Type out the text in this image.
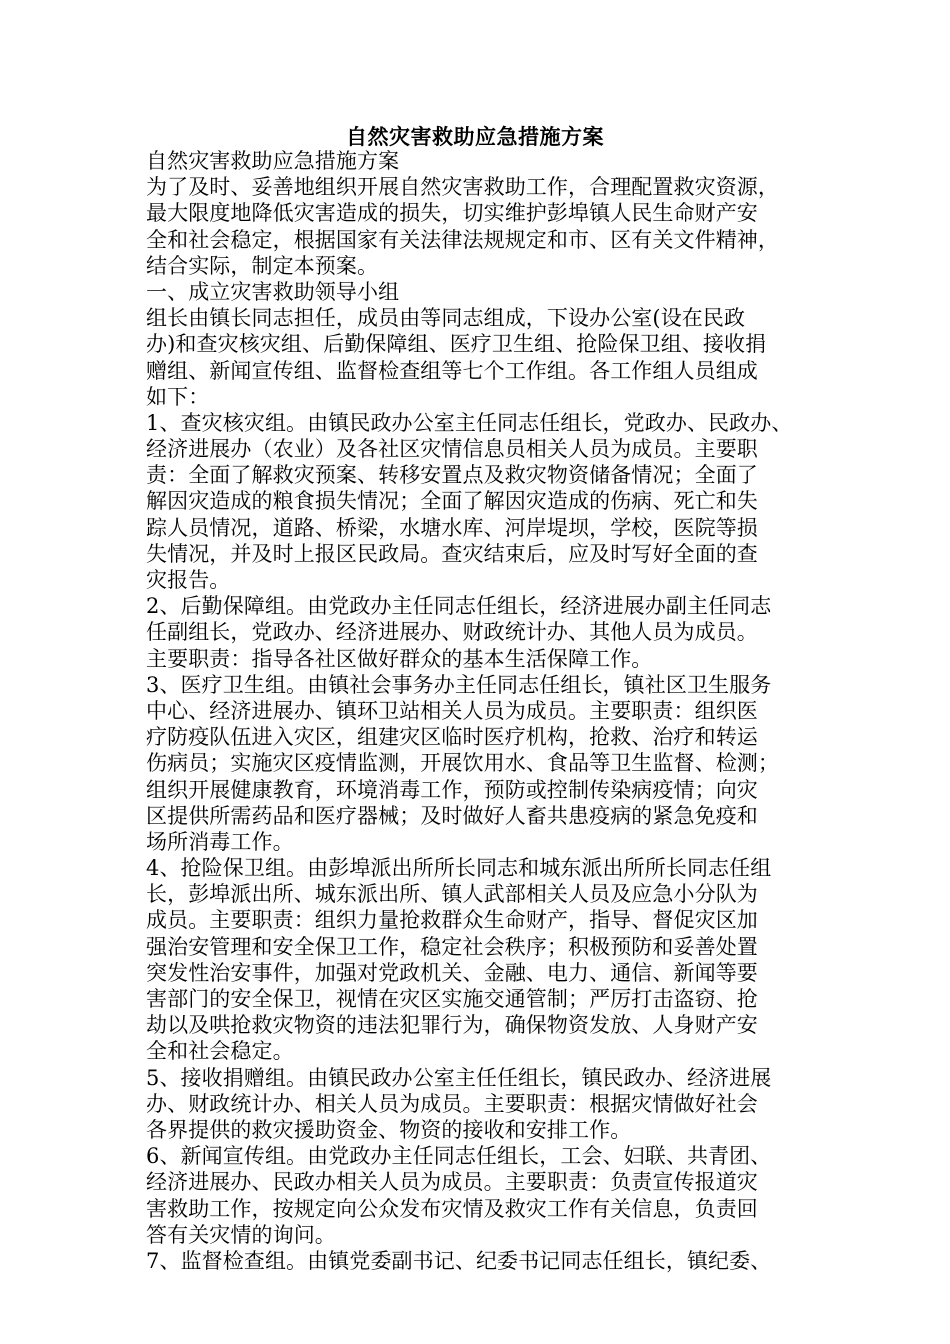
自然灾害救助应急措施方案
自然灾害救助应急措施方案
为了及时、妥善地组织开展自然灾害救助工作，合理配置救灾资源，
最大限度地降低灾害造成的损失，切实维护彭埠镇人民生命财产安
全和社会稳定，根据国家有关法律法规规定和市、区有关文件精神，
结合实际，制定本预案。
一、成立灾害救助领导小组
组长由镇长同志担任，成员由等同志组成，下设办公室(设在民政
办)和查灾核灾组、后勤保障组、医疗卫生组、抢险保卫组、接收捐
赠组、新闻宣传组、监督检查组等七个工作组。各工作组人员组成
如下：
1、查灾核灾组。由镇民政办公室主任同志任组长，党政办、民政办、
经济进展办（农业）及各社区灾情信息员相关人员为成员。主要职
责：全面了解救灾预案、转移安置点及救灾物资储备情况；全面了
解因灾造成的粮食损失情况；全面了解因灾造成的伤病、死亡和失
踪人员情况，道路、桥梁，水塘水库、河岸堤坝，学校，医院等损
失情况，并及时上报区民政局。查灾结束后，应及时写好全面的查
灾报告。
2、后勤保障组。由党政办主任同志任组长，经济进展办副主任同志
任副组长，党政办、经济进展办、财政统计办、其他人员为成员。
主要职责：指导各社区做好群众的基本生活保障工作。
3、医疗卫生组。由镇社会事务办主任同志任组长，镇社区卫生服务
中心、经济进展办、镇环卫站相关人员为成员。主要职责：组织医
疗防疫队伍进入灾区，组建灾区临时医疗机构，抢救、治疗和转运
伤病员；实施灾区疫情监测，开展饮用水、食品等卫生监督、检测；
组织开展健康教育，环境消毒工作，预防或控制传染病疫情；向灾
区提供所需药品和医疗器械；及时做好人畜共患疫病的紧急免疫和
场所消毒工作。
4、抢险保卫组。由彭埠派出所所长同志和城东派出所所长同志任组
长，彭埠派出所、城东派出所、镇人武部相关人员及应急小分队为
成员。主要职责：组织力量抢救群众生命财产，指导、督促灾区加
强治安管理和安全保卫工作，稳定社会秩序；积极预防和妥善处置
突发性治安事件，加强对党政机关、金融、电力、通信、新闻等要
害部门的安全保卫，视情在灾区实施交通管制；严厉打击盗窃、抢
劫以及哄抢救灾物资的违法犯罪行为，确保物资发放、人身财产安
全和社会稳定。
5、接收捐赠组。由镇民政办公室主任任组长，镇民政办、经济进展
办、财政统计办、相关人员为成员。主要职责：根据灾情做好社会
各界提供的救灾援助资金、物资的接收和安排工作。
6、新闻宣传组。由党政办主任同志任组长，工会、妇联、共青团、
经济进展办、民政办相关人员为成员。主要职责：负责宣传报道灾
害救助工作，按规定向公众发布灾情及救灾工作有关信息，负责回
答有关灾情的询问。
7、监督检查组。由镇党委副书记、纪委书记同志任组长，镇纪委、
